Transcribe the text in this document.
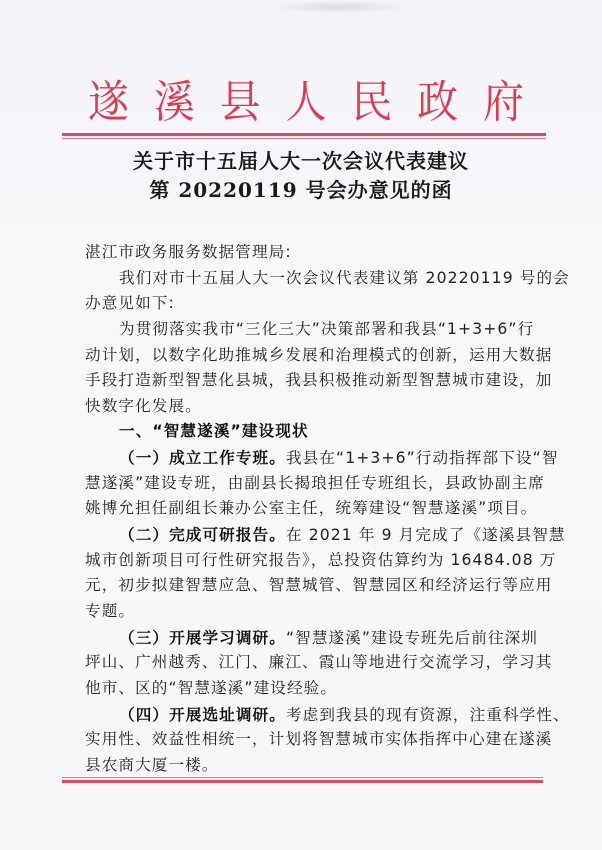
遂 溪 县 人 民 政 府
关于市十五届人大一次会议代表建议
第 20220119 号会办意见的函
湛江市政务服务数据管理局:
我们对市十五届人大一次会议代表建议第 20220119 号的会
办意见如下:
为贯彻落实我市“三化三大”决策部署和我县“1+3+6”行
动计划，以数字化助推城乡发展和治理模式的创新，运用大数据
手段打造新型智慧化县城，我县积极推动新型智慧城市建设，加
快数字化发展。
一、“智慧遂溪”建设现状
（一）成立工作专班。我县在“1+3+6”行动指挥部下设“智
慧遂溪”建设专班，由副县长揭琅担任专班组长，县政协副主席
姚博允担任副组长兼办公室主任，统筹建设“智慧遂溪”项目。
（二）完成可研报告。在 2021 年 9 月完成了《遂溪县智慧
城市创新项目可行性研究报告》，总投资估算约为 16484.08 万
元，初步拟建智慧应急、智慧城管、智慧园区和经济运行等应用
专题。
（三）开展学习调研。“智慧遂溪”建设专班先后前往深圳
坪山、广州越秀、江门、廉江、霞山等地进行交流学习，学习其
他市、区的“智慧遂溪”建设经验。
（四）开展选址调研。考虑到我县的现有资源，注重科学性、
实用性、效益性相统一，计划将智慧城市实体指挥中心建在遂溪
县农商大厦一楼。
